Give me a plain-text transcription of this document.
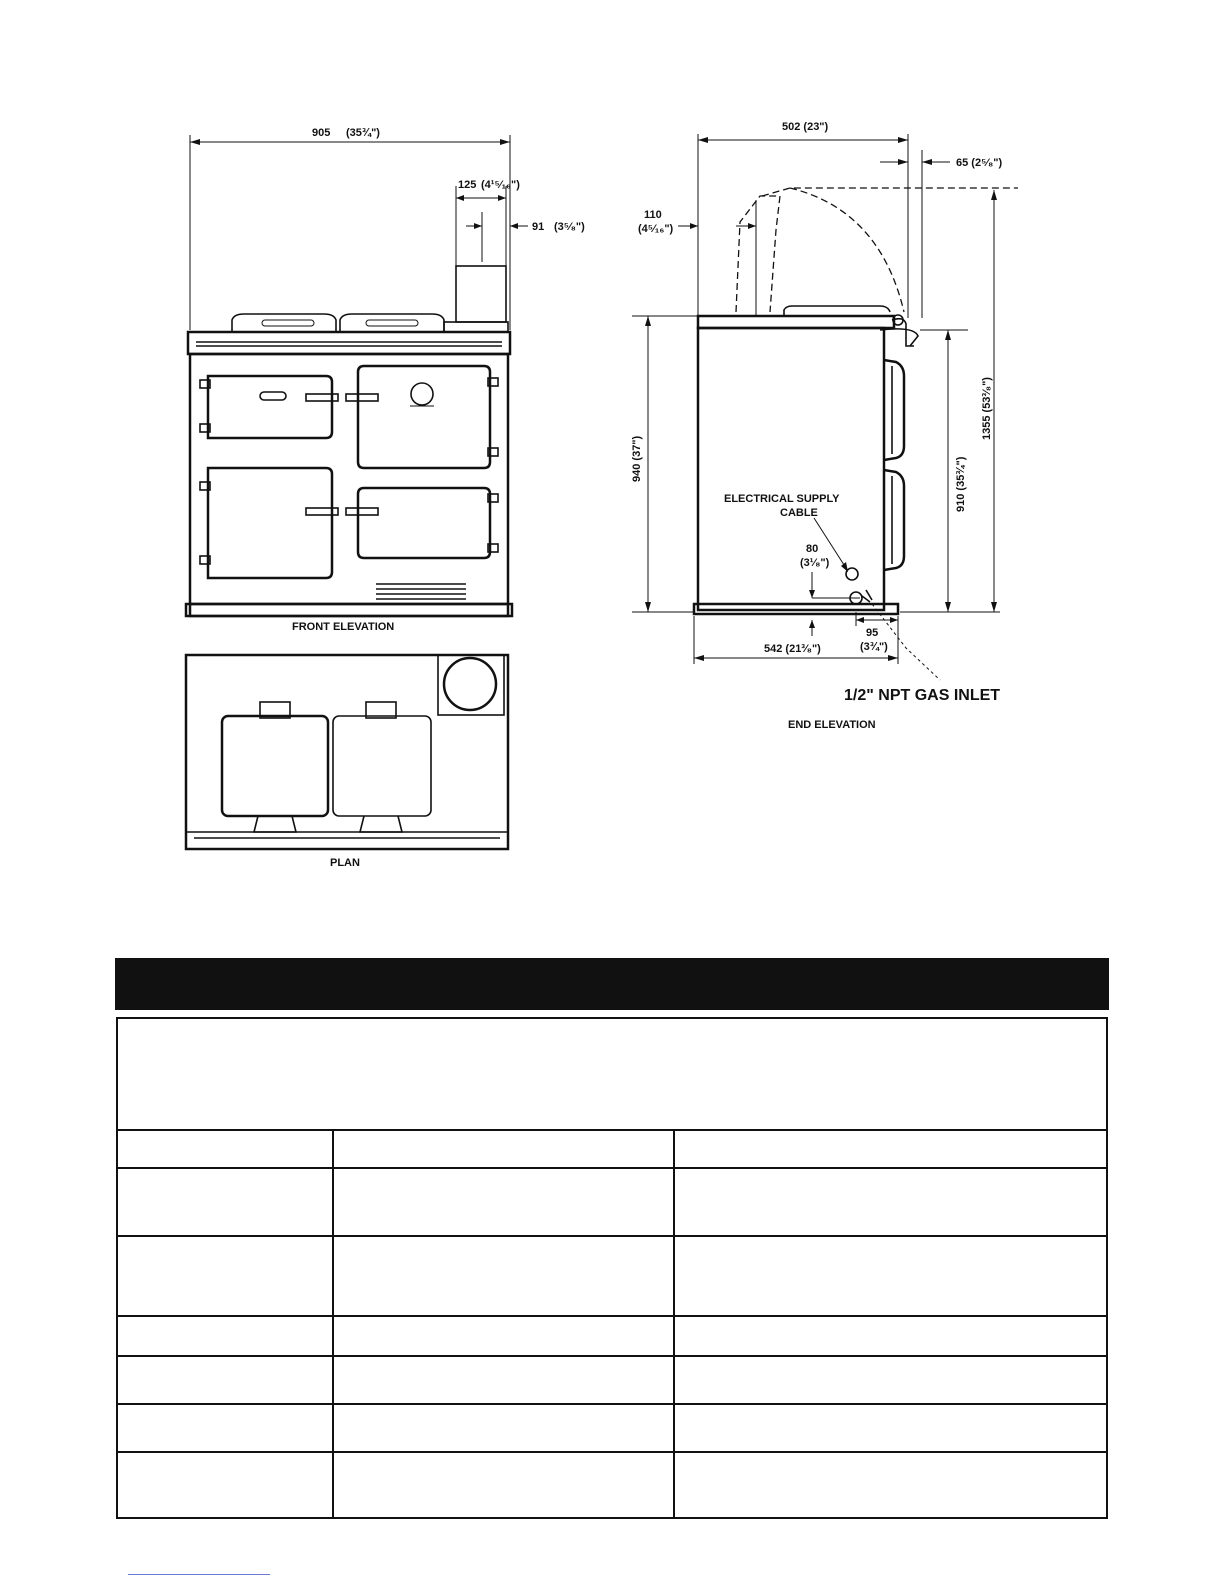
905 (35¾")
125 (4¹⁵⁄₁₆")
91 (3⁵⁄₈")
FRONT ELEVATION
PLAN
502 (23")
65 (2⁵⁄₈")
110
(4⁵⁄₁₆")
940 (37")	910 (35¾")
1355 (53³⁄₈")
ELECTRICAL SUPPLY
CABLE
80
(3¹⁄₈")
95
(3¾")
542 (21³⁄₈")
1/2" NPT GAS INLET
END ELEVATION
